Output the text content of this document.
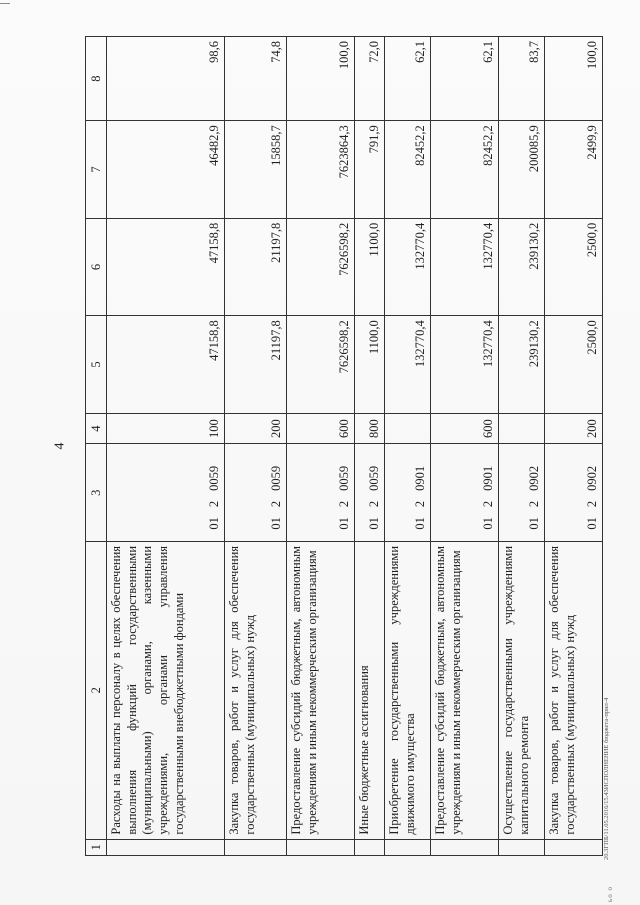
4
20.3ГПБ/11.05.2016/15.43ИСПОЛНЕНИЕ бюджета-прил-4
ьо о
1	2	3	4	5	6	7	8
	Расходы на выплаты персоналу в целях обеспечения выполнения функций государственными (муниципальными) органами, казенными учреждениями, органами управления государственными внебюджетными фондами	0120059	100	47158,8	47158,8	46482,9	98,6
	Закупка товаров, работ и услуг для обеспечения государственных (муниципальных) нужд	0120059	200	21197,8	21197,8	15858,7	74,8
	Предоставление субсидий бюджетным, автономным учреждениям и иным некоммерческим организациям	0120059	600	7626598,2	7626598,2	7623864,3	100,0
	Иные бюджетные ассигнования	0120059	800	1100,0	1100,0	791,9	72,0
	Приобретение государственными учреждениями движимого имущества	0120901		132770,4	132770,4	82452,2	62,1
	Предоставление субсидий бюджетным, автономным учреждениям и иным некоммерческим организациям	0120901	600	132770,4	132770,4	82452,2	62,1
	Осуществление государственными учреждениями капитального ремонта	0120902		239130,2	239130,2	200085,9	83,7
	Закупка товаров, работ и услуг для обеспечения государственных (муниципальных) нужд	0120902	200	2500,0	2500,0	2499,9	100,0
